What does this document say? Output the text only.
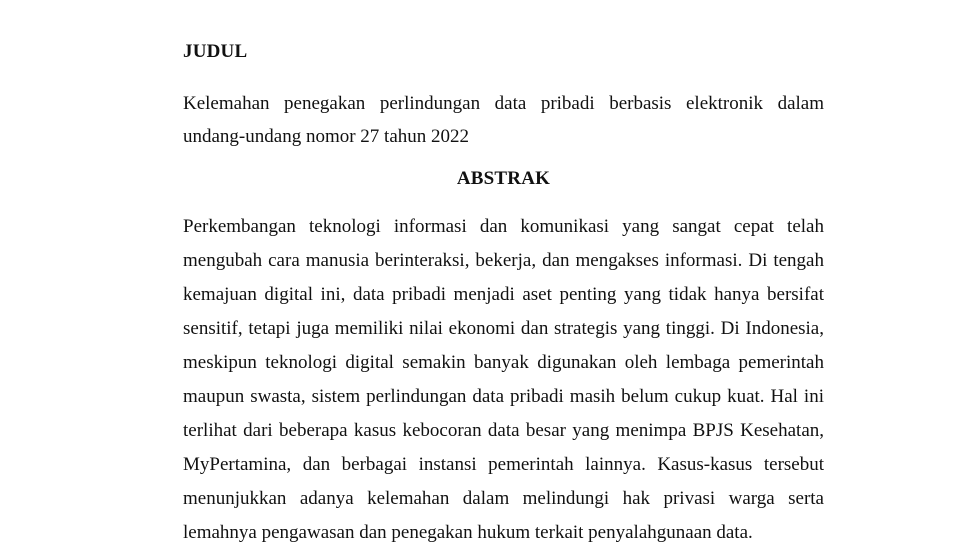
JUDUL

Kelemahan penegakan perlindungan data pribadi berbasis elektronik dalam
undang-undang nomor 27 tahun 2022

ABSTRAK

Perkembangan teknologi informasi dan komunikasi yang sangat cepat telah
mengubah cara manusia berinteraksi, bekerja, dan mengakses informasi. Di tengah
kemajuan digital ini, data pribadi menjadi aset penting yang tidak hanya bersifat
sensitif, tetapi juga memiliki nilai ekonomi dan strategis yang tinggi. Di Indonesia,
meskipun teknologi digital semakin banyak digunakan oleh lembaga pemerintah
maupun swasta, sistem perlindungan data pribadi masih belum cukup kuat. Hal ini
terlihat dari beberapa kasus kebocoran data besar yang menimpa BPJS Kesehatan,
MyPertamina, dan berbagai instansi pemerintah lainnya. Kasus-kasus tersebut
menunjukkan adanya kelemahan dalam melindungi hak privasi warga serta
lemahnya pengawasan dan penegakan hukum terkait penyalahgunaan data.
